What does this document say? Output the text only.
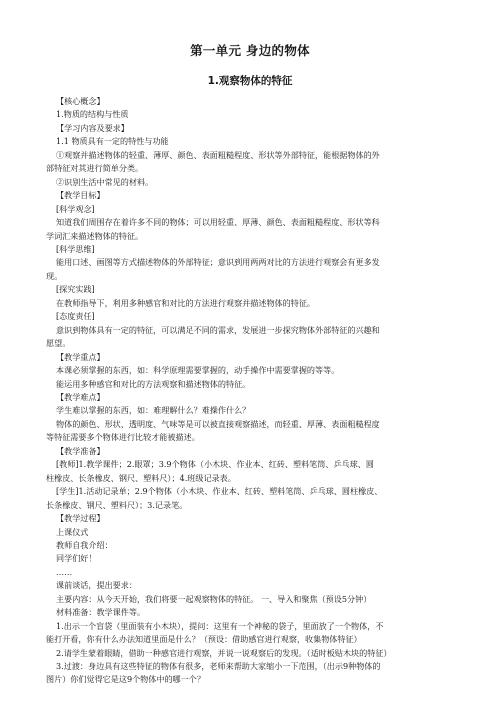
第一单元 身边的物体
1.观察物体的特征

【核心概念】

1.物质的结构与性质

【学习内容及要求】

1.1 物质具有一定的特性与功能

①观察并描述物体的轻重、薄厚、颜色、表面粗糙程度、形状等外部特征，能根据物体的外

部特征对其进行简单分类。

②识别生活中常见的材料。

【教学目标】

[科学观念]

知道我们周围存在着许多不同的物体；可以用轻重、厚薄、颜色、表面粗糙程度、形状等科

学词汇来描述物体的特征。

[科学思维]

能用口述、画图等方式描述物体的外部特征；意识到用两两对比的方法进行观察会有更多发

现。

[探究实践]

在教师指导下，利用多种感官和对比的方法进行观察并描述物体的特征。

[态度责任]

意识到物体具有一定的特征，可以满足不同的需求，发展进一步探究物体外部特征的兴趣和

愿望。

【教学重点】

本课必须掌握的东西，如：科学原理需要掌握的，动手操作中需要掌握的等等。

能运用多种感官和对比的方法观察和描述物体的特征。

【教学难点】

学生难以掌握的东西，如：难理解什么？难操作什么？

物体的颜色、形状、透明度、气味等是可以被直接观察描述，而轻重、厚薄、表面粗糙程度

等特征需要多个物体进行比较才能被描述。

【教学准备】

[教师]1.教学课件；2.眼罩；3.9个物体（小木块、作业本、红砖、塑料笔筒、乒乓球、圆

柱橡皮、长条橡皮、钢尺、塑料尺）；4.班级记录表。

[学生]1.活动记录单；2.9个物体（小木块、作业本、红砖、塑料笔筒、乒乓球、圆柱橡皮、

长条橡皮、钢尺、塑料尺）；3.记录笔。

【教学过程】

上课仪式

教师自我介绍：

同学们好！

……

课前谈话，提出要求：

主要内容：从今天开始，我们将要一起观察物体的特征。 一、导入和聚焦（预设5分钟）

材料准备：教学课件等。

1.出示一个盲袋（里面装有小木块），提问：这里有一个神秘的袋子，里面放了一个物体，不

能打开看，你有什么办法知道里面是什么？（预设：借助感官进行观察，收集物体特征）

2.请学生蒙着眼睛，借助一种感官进行观察，并说一说观察后的发现。（适时板贴木块的特征）

3.过渡：身边具有这些特征的物体有很多，老师来帮助大家缩小一下范围，（出示9种物体的

图片）你们觉得它是这9个物体中的哪一个？
